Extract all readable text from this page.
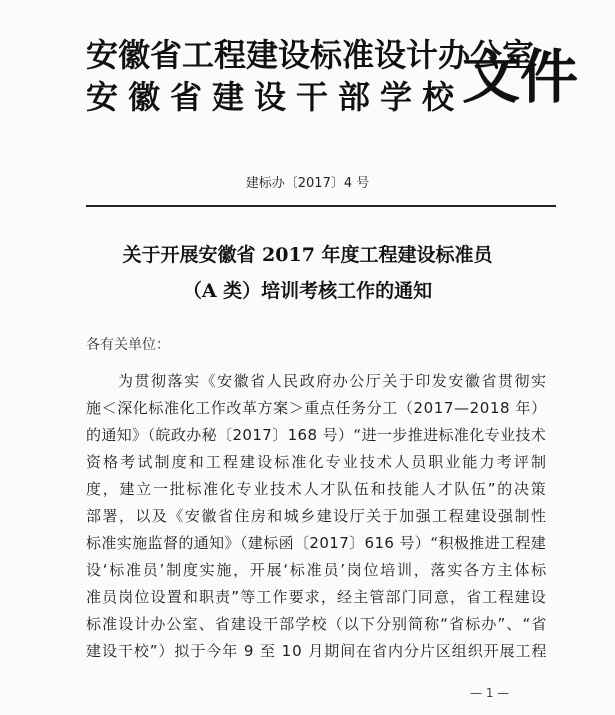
安徽省工程建设标准设计办公室
安徽省建设干部学校
文件
建标办〔2017〕4 号
关于开展安徽省 2017 年度工程建设标准员
（A 类）培训考核工作的通知
各有关单位：
为贯彻落实《安徽省人民政府办公厅关于印发安徽省贯彻实
施＜深化标准化工作改革方案＞重点任务分工（2017—2018 年）
的通知》（皖政办秘〔2017〕168 号）“进一步推进标准化专业技术
资格考试制度和工程建设标准化专业技术人员职业能力考评制
度，建立一批标准化专业技术人才队伍和技能人才队伍”的决策
部署，以及《安徽省住房和城乡建设厅关于加强工程建设强制性
标准实施监督的通知》（建标函〔2017〕616 号）“积极推进工程建
设‘标准员’制度实施，开展‘标准员’岗位培训，落实各方主体标
准员岗位设置和职责”等工作要求，经主管部门同意，省工程建设
标准设计办公室、省建设干部学校（以下分别简称“省标办”、“省
建设干校”）拟于今年 9 至 10 月期间在省内分片区组织开展工程
— 1 —
